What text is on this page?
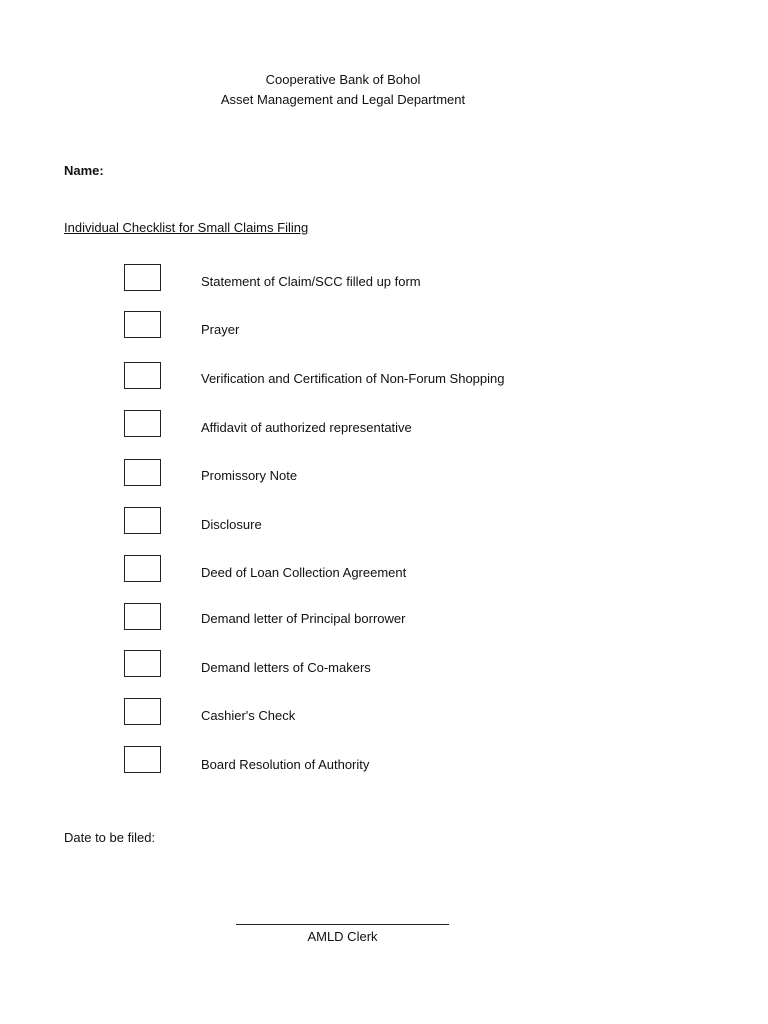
Cooperative Bank of Bohol
Asset Management and Legal Department
Name:
Individual Checklist for Small Claims Filing
Statement of Claim/SCC filled up form
Prayer
Verification and Certification of Non-Forum Shopping
Affidavit of authorized representative
Promissory Note
Disclosure
Deed of Loan Collection Agreement
Demand letter of Principal borrower
Demand letters of Co-makers
Cashier's Check
Board Resolution of Authority
Date to be filed:
AMLD Clerk
